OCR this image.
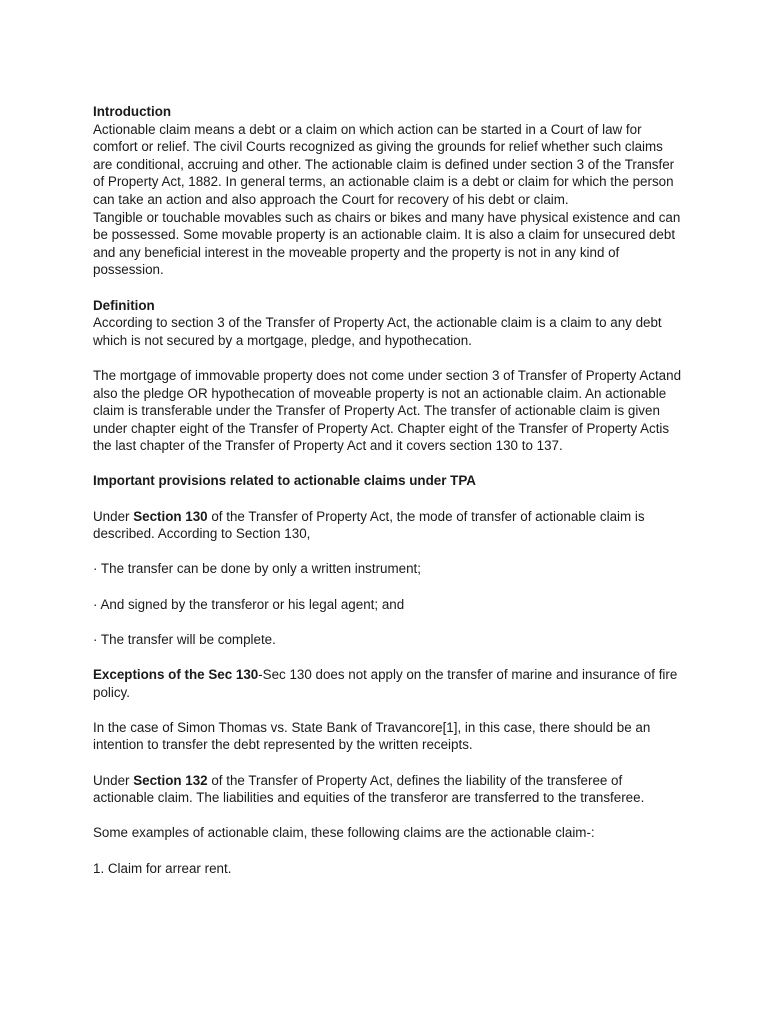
Introduction

Actionable claim means a debt or a claim on which action can be started in a Court of law for comfort or relief. The civil Courts recognized as giving the grounds for relief whether such claims are conditional, accruing and other. The actionable claim is defined under section 3 of the Transfer of Property Act, 1882. In general terms, an actionable claim is a debt or claim for which the person can take an action and also approach the Court for recovery of his debt or claim.

Tangible or touchable movables such as chairs or bikes and many have physical existence and can be possessed. Some movable property is an actionable claim. It is also a claim for unsecured debt and any beneficial interest in the moveable property and the property is not in any kind of possession.

Definition

According to section 3 of the Transfer of Property Act, the actionable claim is a claim to any debt which is not secured by a mortgage, pledge, and hypothecation.

The mortgage of immovable property does not come under section 3 of Transfer of Property Actand also the pledge OR hypothecation of moveable property is not an actionable claim. An actionable claim is transferable under the Transfer of Property Act. The transfer of actionable claim is given under chapter eight of the Transfer of Property Act. Chapter eight of the Transfer of Property Actis the last chapter of the Transfer of Property Act and it covers section 130 to 137.

Important provisions related to actionable claims under TPA

Under Section 130 of the Transfer of Property Act, the mode of transfer of actionable claim is described. According to Section 130,

· The transfer can be done by only a written instrument;

· And signed by the transferor or his legal agent; and

· The transfer will be complete.

Exceptions of the Sec 130-Sec 130 does not apply on the transfer of marine and insurance of fire policy.

In the case of Simon Thomas vs. State Bank of Travancore[1], in this case, there should be an intention to transfer the debt represented by the written receipts.

Under Section 132 of the Transfer of Property Act, defines the liability of the transferee of actionable claim. The liabilities and equities of the transferor are transferred to the transferee.

Some examples of actionable claim, these following claims are the actionable claim-:

1. Claim for arrear rent.
